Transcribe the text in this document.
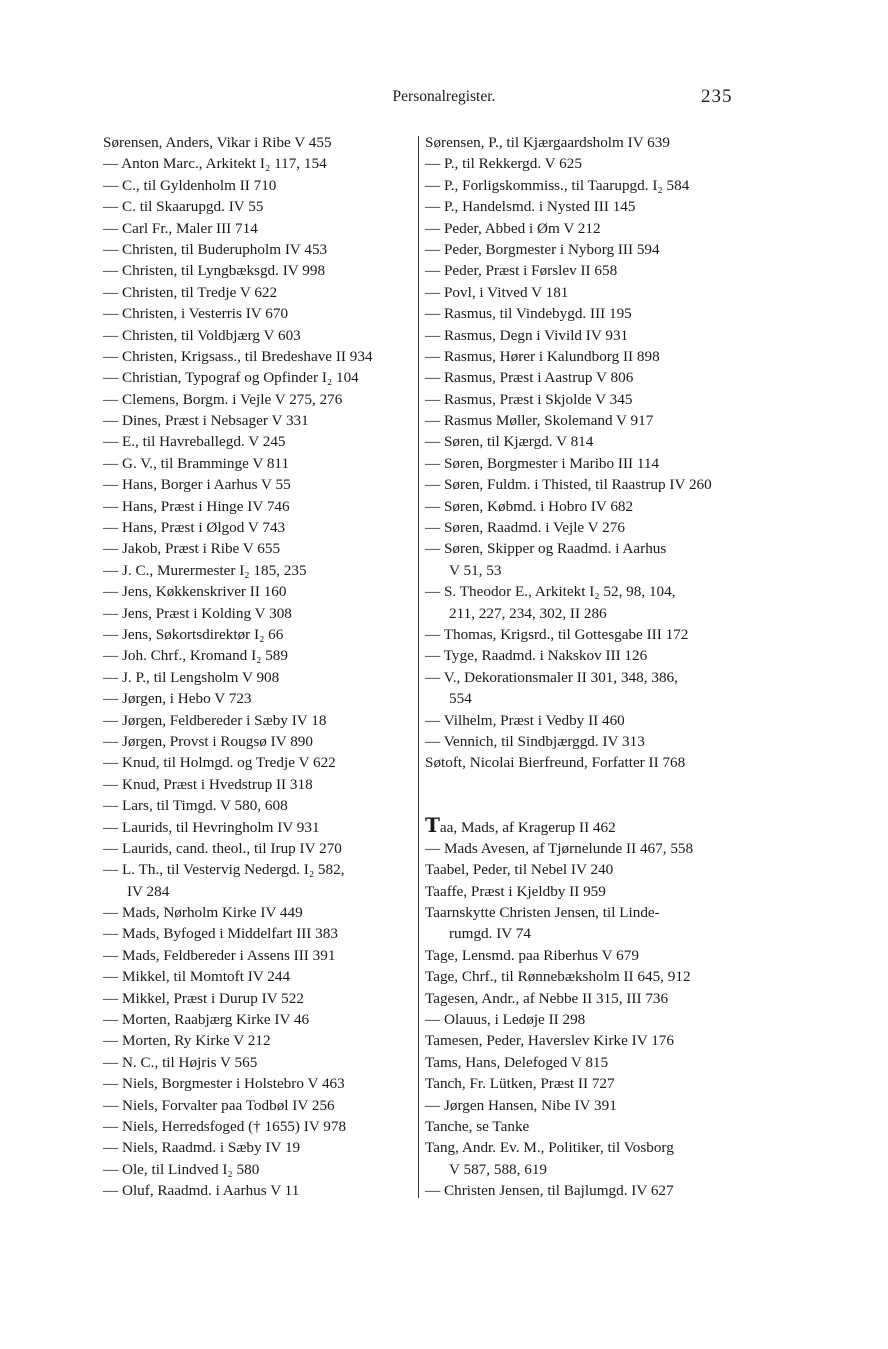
Personalregister.	235
Sørensen, Anders, Vikar i Ribe V 455
— Anton Marc., Arkitekt I₂ 117, 154
— C., til Gyldenholm II 710
— C. til Skaarupgd. IV 55
— Carl Fr., Maler III 714
— Christen, til Buderupholm IV 453
— Christen, til Lyngbæksgd. IV 998
— Christen, til Tredje V 622
— Christen, i Vesterris IV 670
— Christen, til Voldbjærg V 603
— Christen, Krigsass., til Bredeshave II 934
— Christian, Typograf og Opfinder I₂ 104
— Clemens, Borgm. i Vejle V 275, 276
— Dines, Præst i Nebsager V 331
— E., til Havreballegd. V 245
— G. V., til Bramminge V 811
— Hans, Borger i Aarhus V 55
— Hans, Præst i Hinge IV 746
— Hans, Præst i Ølgod V 743
— Jakob, Præst i Ribe V 655
— J. C., Murermester I₂ 185, 235
— Jens, Køkkenskriver II 160
— Jens, Præst i Kolding V 308
— Jens, Søkortsdirektør I₂ 66
— Joh. Chrf., Kromand I₂ 589
— J. P., til Lengsholm V 908
— Jørgen, i Hebo V 723
— Jørgen, Feldbereder i Sæby IV 18
— Jørgen, Provst i Rougsø IV 890
— Knud, til Holmgd. og Tredje V 622
— Knud, Præst i Hvedstrup II 318
— Lars, til Timgd. V 580, 608
— Laurids, til Hevringholm IV 931
— Laurids, cand. theol., til Irup IV 270
— L. Th., til Vestervig Nedergd. I₂ 582,
IV 284
— Mads, Nørholm Kirke IV 449
— Mads, Byfoged i Middelfart III 383
— Mads, Feldbereder i Assens III 391
— Mikkel, til Momtoft IV 244
— Mikkel, Præst i Durup IV 522
— Morten, Raabjærg Kirke IV 46
— Morten, Ry Kirke V 212
— N. C., til Højris V 565
— Niels, Borgmester i Holstebro V 463
— Niels, Forvalter paa Todbøl IV 256
— Niels, Herredsfoged († 1655) IV 978
— Niels, Raadmd. i Sæby IV 19
— Ole, til Lindved I₂ 580
— Oluf, Raadmd. i Aarhus V 11
Sørensen, P., til Kjærgaardsholm IV 639
— P., til Rekkergd. V 625
— P., Forligskommiss., til Taarupgd. I₂ 584
— P., Handelsmd. i Nysted III 145
— Peder, Abbed i Øm V 212
— Peder, Borgmester i Nyborg III 594
— Peder, Præst i Førslev II 658
— Povl, i Vitved V 181
— Rasmus, til Vindebygd. III 195
— Rasmus, Degn i Vivild IV 931
— Rasmus, Hører i Kalundborg II 898
— Rasmus, Præst i Aastrup V 806
— Rasmus, Præst i Skjolde V 345
— Rasmus Møller, Skolemand V 917
— Søren, til Kjærgd. V 814
— Søren, Borgmester i Maribo III 114
— Søren, Fuldm. i Thisted, til Raastrup IV 260
— Søren, Købmd. i Hobro IV 682
— Søren, Raadmd. i Vejle V 276
— Søren, Skipper og Raadmd. i Aarhus
V 51, 53
— S. Theodor E., Arkitekt I₂ 52, 98, 104,
211, 227, 234, 302, II 286
— Thomas, Krigsrd., til Gottesgabe III 172
— Tyge, Raadmd. i Nakskov III 126
— V., Dekorationsmaler II 301, 348, 386,
554
— Vilhelm, Præst i Vedby II 460
— Vennich, til Sindbjærggd. IV 313
Søtoft, Nicolai Bierfreund, Forfatter II 768
Taa, Mads, af Kragerup II 462
— Mads Avesen, af Tjørnelunde II 467, 558
Taabel, Peder, til Nebel IV 240
Taaffe, Præst i Kjeldby II 959
Taarnskytte Christen Jensen, til Linde-
rumgd. IV 74
Tage, Lensmd. paa Riberhus V 679
Tage, Chrf., til Rønnebæksholm II 645, 912
Tagesen, Andr., af Nebbe II 315, III 736
— Olauus, i Ledøje II 298
Tamesen, Peder, Haverslev Kirke IV 176
Tams, Hans, Delefoged V 815
Tanch, Fr. Lütken, Præst II 727
— Jørgen Hansen, Nibe IV 391
Tanche, se Tanke
Tang, Andr. Ev. M., Politiker, til Vosborg
V 587, 588, 619
— Christen Jensen, til Bajlumgd. IV 627
